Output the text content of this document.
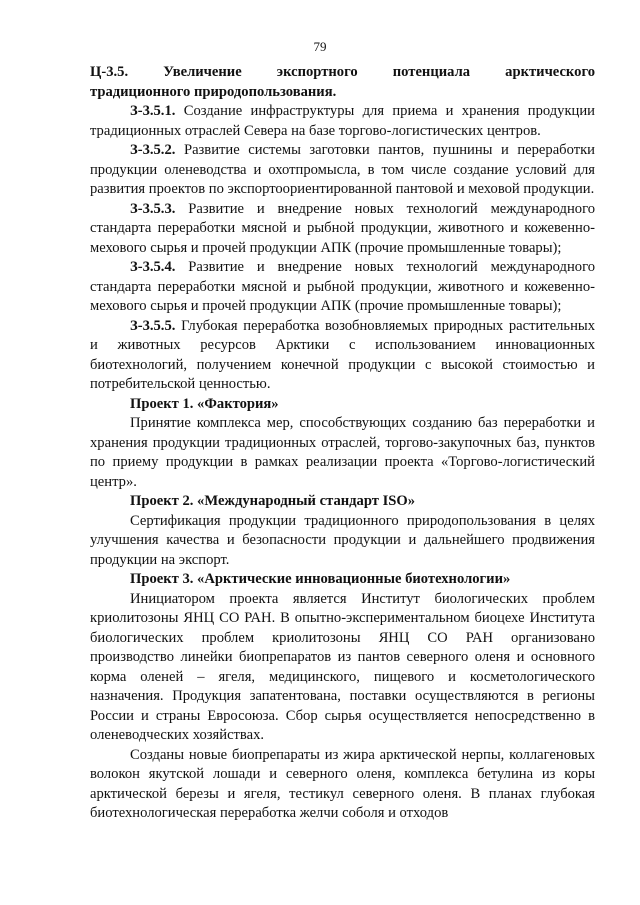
79

Ц-3.5. Увеличение экспортного потенциала арктического
традиционного природопользования.

З-3.5.1. Создание инфраструктуры для приема и хранения продукции традиционных отраслей Севера на базе торгово-логистических центров.

З-3.5.2. Развитие системы заготовки пантов, пушнины и переработки продукции оленеводства и охотпромысла, в том числе создание условий для развития проектов по экспортоориентированной пантовой и меховой продукции.

З-3.5.3. Развитие и внедрение новых технологий международного стандарта переработки мясной и рыбной продукции, животного и кожевенно-мехового сырья и прочей продукции АПК (прочие промышленные товары);

З-3.5.4. Развитие и внедрение новых технологий международного стандарта переработки мясной и рыбной продукции, животного и кожевенно-мехового сырья и прочей продукции АПК (прочие промышленные товары);

З-3.5.5. Глубокая переработка возобновляемых природных растительных и животных ресурсов Арктики с использованием инновационных биотехнологий, получением конечной продукции с высокой стоимостью и потребительской ценностью.

Проект 1. «Фактория»

Принятие комплекса мер, способствующих созданию баз переработки и хранения продукции традиционных отраслей, торгово-закупочных баз, пунктов по приему продукции в рамках реализации проекта «Торгово-логистический центр».

Проект 2. «Международный стандарт ISO»

Сертификация продукции традиционного природопользования в целях улучшения качества и безопасности продукции и дальнейшего продвижения продукции на экспорт.

Проект 3. «Арктические инновационные биотехнологии»

Инициатором проекта является Институт биологических проблем криолитозоны ЯНЦ СО РАН. В опытно-экспериментальном биоцехе Института биологических проблем криолитозоны ЯНЦ СО РАН организовано производство линейки биопрепаратов из пантов северного оленя и основного корма оленей – ягеля, медицинского, пищевого и косметологического назначения. Продукция запатентована, поставки осуществляются в регионы России и страны Евросоюза. Сбор сырья осуществляется непосредственно в оленеводческих хозяйствах.

Созданы новые биопрепараты из жира арктической нерпы, коллагеновых волокон якутской лошади и северного оленя, комплекса бетулина из коры арктической березы и ягеля, тестикул северного оленя. В планах глубокая биотехнологическая переработка желчи соболя и отходов
